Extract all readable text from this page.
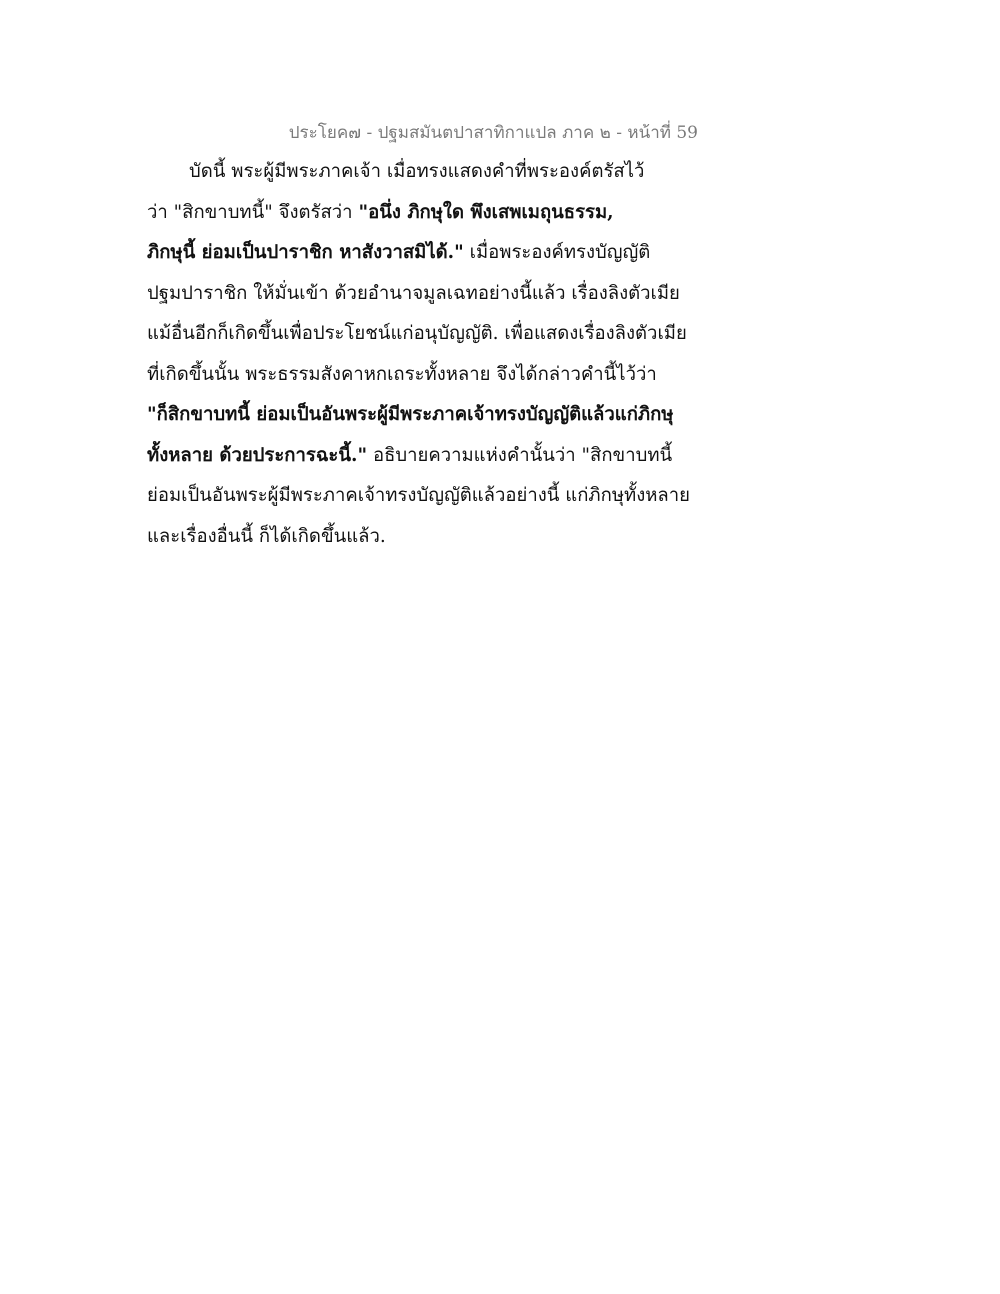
ประโยค๗ - ปฐมสมันตปาสาทิกาแปล ภาค ๒ - หน้าที่ 59
บัดนี้ พระผู้มีพระภาคเจ้า เมื่อทรงแสดงคำที่พระองค์ตรัสไว้
ว่า "สิกขาบทนี้" จึงตรัสว่า "อนึ่ง ภิกษุใด พึงเสพเมถุนธรรม,
ภิกษุนี้ ย่อมเป็นปาราชิก หาสังวาสมิได้." เมื่อพระองค์ทรงบัญญัติ
ปฐมปาราชิก ให้มั่นเข้า ด้วยอำนาจมูลเฉทอย่างนี้แล้ว เรื่องลิงตัวเมีย
แม้อื่นอีกก็เกิดขึ้นเพื่อประโยชน์แก่อนุบัญญัติ. เพื่อแสดงเรื่องลิงตัวเมีย
ที่เกิดขึ้นนั้น พระธรรมสังคาหกเถระทั้งหลาย จึงได้กล่าวคำนี้ไว้ว่า
"ก็สิกขาบทนี้ ย่อมเป็นอันพระผู้มีพระภาคเจ้าทรงบัญญัติแล้วแก่ภิกษุ
ทั้งหลาย ด้วยประการฉะนี้." อธิบายความแห่งคำนั้นว่า "สิกขาบทนี้
ย่อมเป็นอันพระผู้มีพระภาคเจ้าทรงบัญญัติแล้วอย่างนี้ แก่ภิกษุทั้งหลาย
และเรื่องอื่นนี้ ก็ได้เกิดขึ้นแล้ว.
